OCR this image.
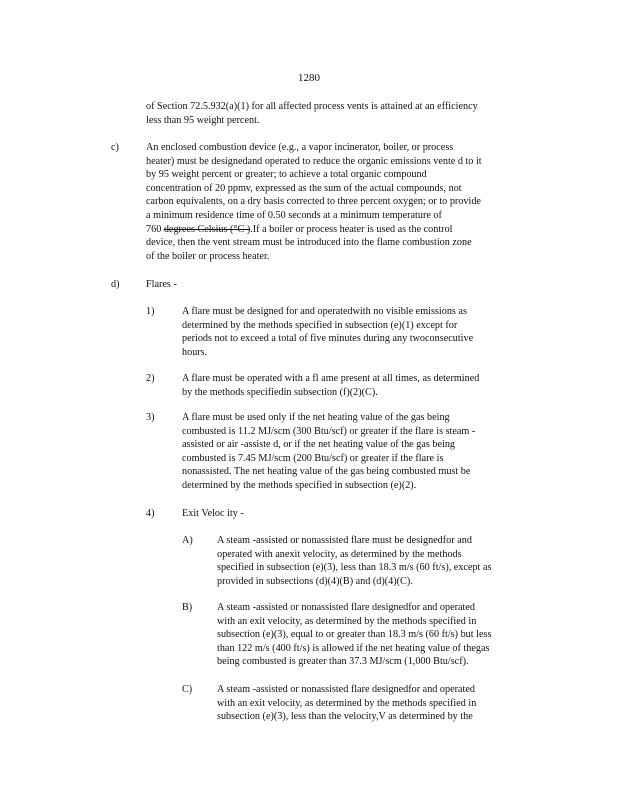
1280
of Section 72.5.932(a)(1) for all affected process vents is attained at an efficiency
less than 95 weight percent.
c)	An enclosed combustion device (e.g., a vapor incinerator, boiler, or process
heater) must be designedand operated to reduce the organic emissions vente d to it
by 95 weight percent or greater; to achieve a total organic compound
concentration of 20 ppmv, expressed as the sum of the actual compounds, not
carbon equivalents, on a dry basis corrected to three percent oxygen; or to provide
a minimum residence time of 0.50 seconds at a minimum temperature of
760 degrees Celsius (°C ).If a boiler or process heater is used as the control
device, then the vent stream must be introduced into the flame combustion zone
of the boiler or process heater.
d)	Flares -
1)	A flare must be designed for and operatedwith no visible emissions as
determined by the methods specified in subsection (e)(1) except for
periods not to exceed a total of five minutes during any twoconsecutive
hours.
2)	A flare must be operated with a fl ame present at all times, as determined
by the methods specifiedin subsection (f)(2)(C).
3)	A flare must be used only if the net heating value of the gas being
combusted is 11.2 MJ/scm (300 Btu/scf) or greater if the flare is steam -
assisted or air -assiste d, or if the net heating value of the gas being
combusted is 7.45 MJ/scm (200 Btu/scf) or greater if the flare is
nonassisted. The net heating value of the gas being combusted must be
determined by the methods specified in subsection (e)(2).
4)	Exit Veloc ity -
A) A steam -assisted or nonassisted flare must be designedfor and
operated with anexit velocity, as determined by the methods
specified in subsection (e)(3), less than 18.3 m/s (60 ft/s), except as
provided in subsections (d)(4)(B) and (d)(4)(C).
B) A steam -assisted or nonassisted flare designedfor and operated
with an exit velocity, as determined by the methods specified in
subsection (e)(3), equal to or greater than 18.3 m/s (60 ft/s) but less
than 122 m/s (400 ft/s) is allowed if the net heating value of thegas
being combusted is greater than 37.3 MJ/scm (1,000 Btu/scf).
C) A steam -assisted or nonassisted flare designedfor and operated
with an exit velocity, as determined by the methods specified in
subsection (e)(3), less than the velocity,V as determined by the
